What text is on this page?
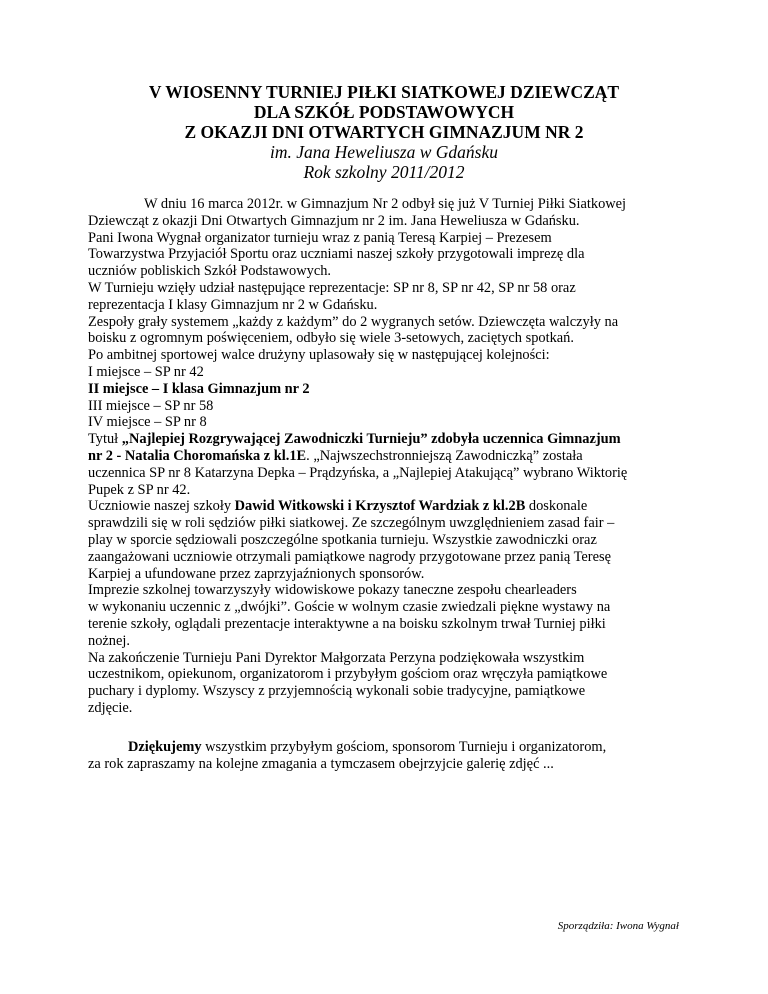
V WIOSENNY TURNIEJ PIŁKI SIATKOWEJ DZIEWCZĄT
DLA SZKÓŁ PODSTAWOWYCH
Z OKAZJI DNI OTWARTYCH GIMNAZJUM NR 2
im. Jana Heweliusza w Gdańsku
Rok szkolny 2011/2012
W dniu 16 marca 2012r. w Gimnazjum Nr 2 odbył się już V Turniej Piłki Siatkowej
Dziewcząt z okazji Dni Otwartych Gimnazjum nr 2 im. Jana Heweliusza w Gdańsku.
Pani Iwona Wygnał organizator turnieju wraz z panią Teresą Karpiej – Prezesem
Towarzystwa Przyjaciół Sportu oraz uczniami naszej szkoły przygotowali imprezę dla
uczniów pobliskich Szkół Podstawowych.
W Turnieju wzięły udział następujące reprezentacje: SP nr 8, SP nr 42, SP nr 58 oraz
reprezentacja I klasy Gimnazjum nr 2 w Gdańsku.
Zespoły grały systemem „każdy z każdym” do 2 wygranych setów. Dziewczęta walczyły na
boisku z ogromnym poświęceniem, odbyło się wiele 3-setowych, zaciętych spotkań.
Po ambitnej sportowej walce drużyny uplasowały się w następującej kolejności:
I miejsce – SP nr 42
II miejsce – I klasa Gimnazjum nr 2
III miejsce – SP nr 58
IV miejsce – SP nr 8
Tytuł „Najlepiej Rozgrywającej Zawodniczki Turnieju” zdobyła uczennica Gimnazjum
nr 2 - Natalia Choromańska z kl.1E. „Najwszechstronniejszą Zawodniczką” została
uczennica SP nr 8 Katarzyna Depka – Prądzyńska, a „Najlepiej Atakującą” wybrano Wiktorię
Pupek z SP nr 42.
Uczniowie naszej szkoły Dawid Witkowski i Krzysztof Wardziak z kl.2B doskonale
sprawdzili się w roli sędziów piłki siatkowej. Ze szczególnym uwzględnieniem zasad fair –
play w sporcie sędziowali poszczególne spotkania turnieju. Wszystkie zawodniczki oraz
zaangażowani uczniowie otrzymali pamiątkowe nagrody przygotowane przez panią Teresę
Karpiej a ufundowane przez zaprzyjaźnionych sponsorów.
Imprezie szkolnej towarzyszyły widowiskowe pokazy taneczne zespołu chearleaders
w wykonaniu uczennic z „dwójki”. Goście w wolnym czasie zwiedzali piękne wystawy na
terenie szkoły, oglądali prezentacje interaktywne a na boisku szkolnym trwał Turniej piłki
nożnej.
Na zakończenie Turnieju Pani Dyrektor Małgorzata Perzyna podziękowała wszystkim
uczestnikom, opiekunom, organizatorom i przybyłym gościom oraz wręczyła pamiątkowe
puchary i dyplomy. Wszyscy z przyjemnością wykonali sobie tradycyjne, pamiątkowe
zdjęcie.
Dziękujemy wszystkim przybyłym gościom, sponsorom Turnieju i organizatorom,
za rok zapraszamy na kolejne zmagania a tymczasem obejrzyjcie galerię zdjęć ...
Sporządziła: Iwona Wygnał
